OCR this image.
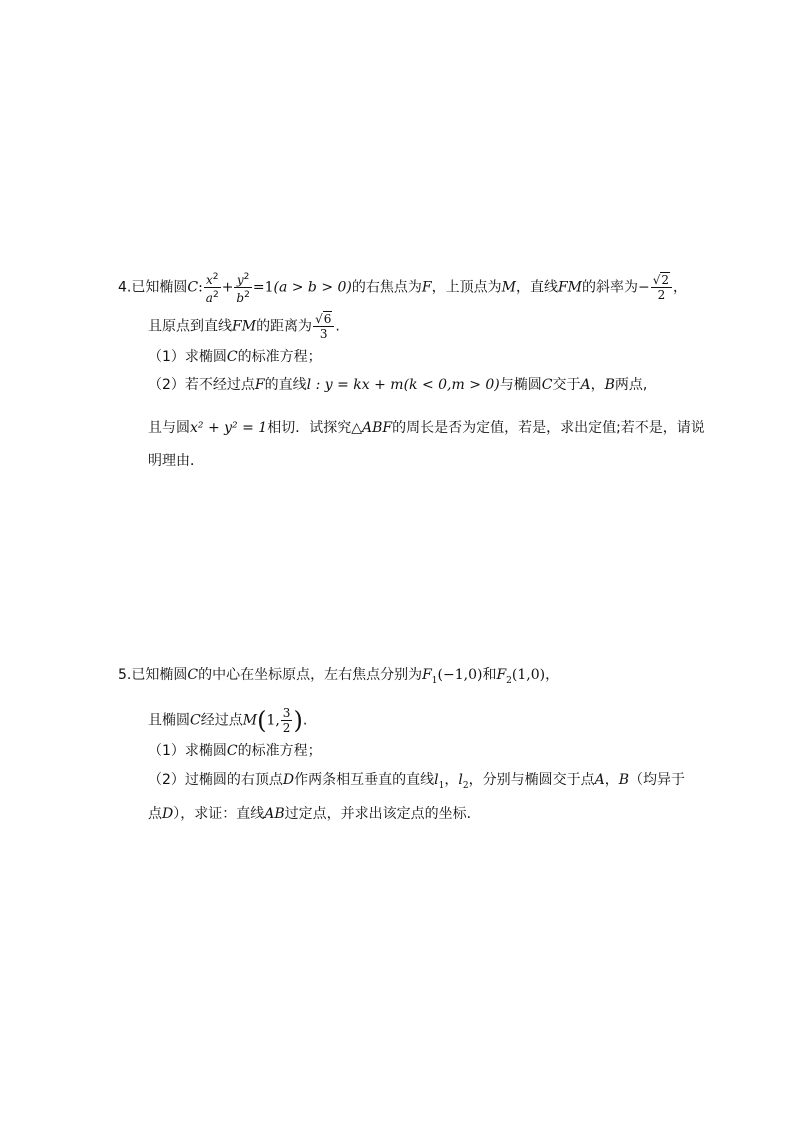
4.已知椭圆C: $\frac{x^2}{a^2} + \frac{y^2}{b^2} =1(a > b > 0)$的右焦点为F，上顶点为M，直线FM的斜率为− $\frac{√2}{2}$ ，
且原点到直线FM的距离为 $\frac{√6}{3}$ .
（1）求椭圆C的标准方程；
（2）若不经过点F的直线l : y = kx + m(k < 0,m > 0)与椭圆C交于A，B两点,
且与圆x² + y² = 1相切．试探究△ABF的周长是否为定值，若是，求出定值;若不是，请说
明理由．
5.已知椭圆C的中心在坐标原点，左右焦点分别为$F_1(-1,0)$和$F_2(1,0)$，
且椭圆C经过点M(1, $\frac{3}{2}$ ).
（1）求椭圆C的标准方程；
（2）过椭圆的右顶点D作两条相互垂直的直线$l_1$，$l_2$，分别与椭圆交于点A，B（均异于
点D），求证：直线AB过定点，并求出该定点的坐标．
